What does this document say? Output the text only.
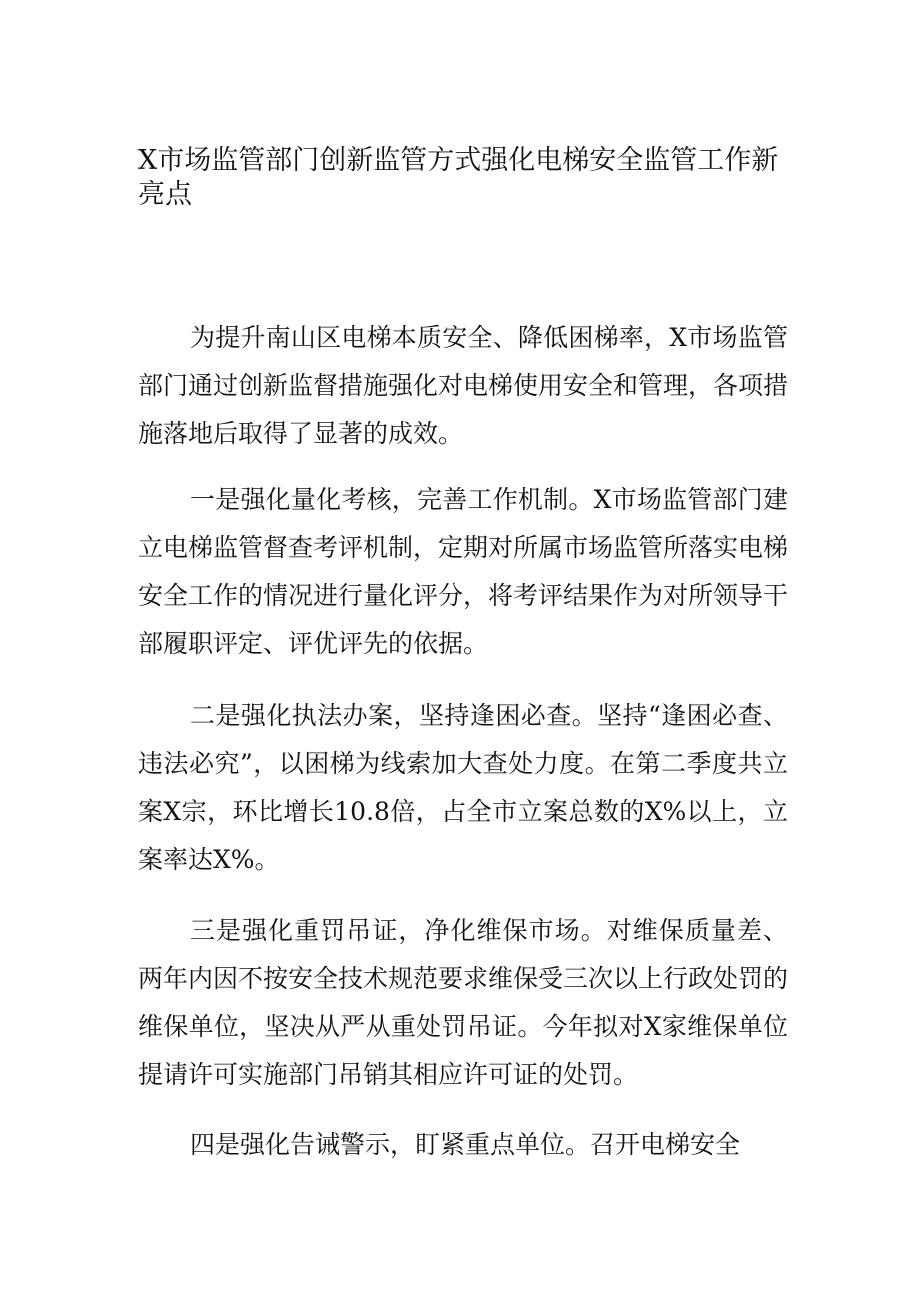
X市场监管部门创新监管方式强化电梯安全监管工作新亮点

为提升南山区电梯本质安全、降低困梯率，X市场监管部门通过创新监督措施强化对电梯使用安全和管理，各项措施落地后取得了显著的成效。

一是强化量化考核，完善工作机制。X市场监管部门建立电梯监管督查考评机制，定期对所属市场监管所落实电梯安全工作的情况进行量化评分，将考评结果作为对所领导干部履职评定、评优评先的依据。

二是强化执法办案，坚持逢困必查。坚持“逢困必查、违法必究”，以困梯为线索加大查处力度。在第二季度共立案X宗，环比增长10.8倍，占全市立案总数的X%以上，立案率达X%。

三是强化重罚吊证，净化维保市场。对维保质量差、两年内因不按安全技术规范要求维保受三次以上行政处罚的维保单位，坚决从严从重处罚吊证。今年拟对X家维保单位提请许可实施部门吊销其相应许可证的处罚。

四是强化告诫警示，盯紧重点单位。召开电梯安全
